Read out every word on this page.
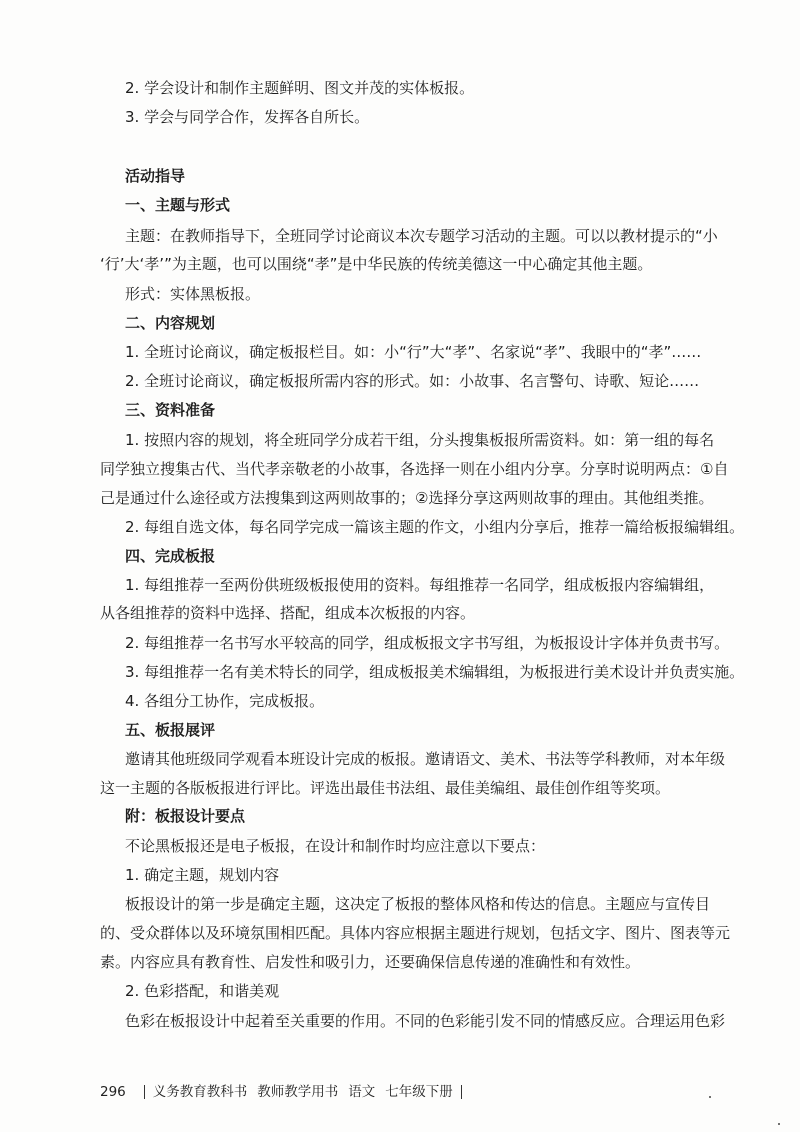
2. 学会设计和制作主题鲜明、图文并茂的实体板报。
3. 学会与同学合作，发挥各自所长。
活动指导
一、主题与形式
主题：在教师指导下，全班同学讨论商议本次专题学习活动的主题。可以以教材提示的“小
‘行’大‘孝’”为主题，也可以围绕“孝”是中华民族的传统美德这一中心确定其他主题。
形式：实体黑板报。
二、内容规划
1. 全班讨论商议，确定板报栏目。如：小“行”大“孝”、名家说“孝”、我眼中的“孝”……
2. 全班讨论商议，确定板报所需内容的形式。如：小故事、名言警句、诗歌、短论……
三、资料准备
1. 按照内容的规划，将全班同学分成若干组，分头搜集板报所需资料。如：第一组的每名
同学独立搜集古代、当代孝亲敬老的小故事，各选择一则在小组内分享。分享时说明两点：①自
己是通过什么途径或方法搜集到这两则故事的；②选择分享这两则故事的理由。其他组类推。
2. 每组自选文体，每名同学完成一篇该主题的作文，小组内分享后，推荐一篇给板报编辑组。
四、完成板报
1. 每组推荐一至两份供班级板报使用的资料。每组推荐一名同学，组成板报内容编辑组，
从各组推荐的资料中选择、搭配，组成本次板报的内容。
2. 每组推荐一名书写水平较高的同学，组成板报文字书写组，为板报设计字体并负责书写。
3. 每组推荐一名有美术特长的同学，组成板报美术编辑组，为板报进行美术设计并负责实施。
4. 各组分工协作，完成板报。
五、板报展评
邀请其他班级同学观看本班设计完成的板报。邀请语文、美术、书法等学科教师，对本年级
这一主题的各版板报进行评比。评选出最佳书法组、最佳美编组、最佳创作组等奖项。
附：板报设计要点
不论黑板报还是电子板报，在设计和制作时均应注意以下要点：
1. 确定主题，规划内容
板报设计的第一步是确定主题，这决定了板报的整体风格和传达的信息。主题应与宣传目
的、受众群体以及环境氛围相匹配。具体内容应根据主题进行规划，包括文字、图片、图表等元
素。内容应具有教育性、启发性和吸引力，还要确保信息传递的准确性和有效性。
2. 色彩搭配，和谐美观
色彩在板报设计中起着至关重要的作用。不同的色彩能引发不同的情感反应。合理运用色彩
296 义务教育教科书 教师教学用书 语文 七年级下册
